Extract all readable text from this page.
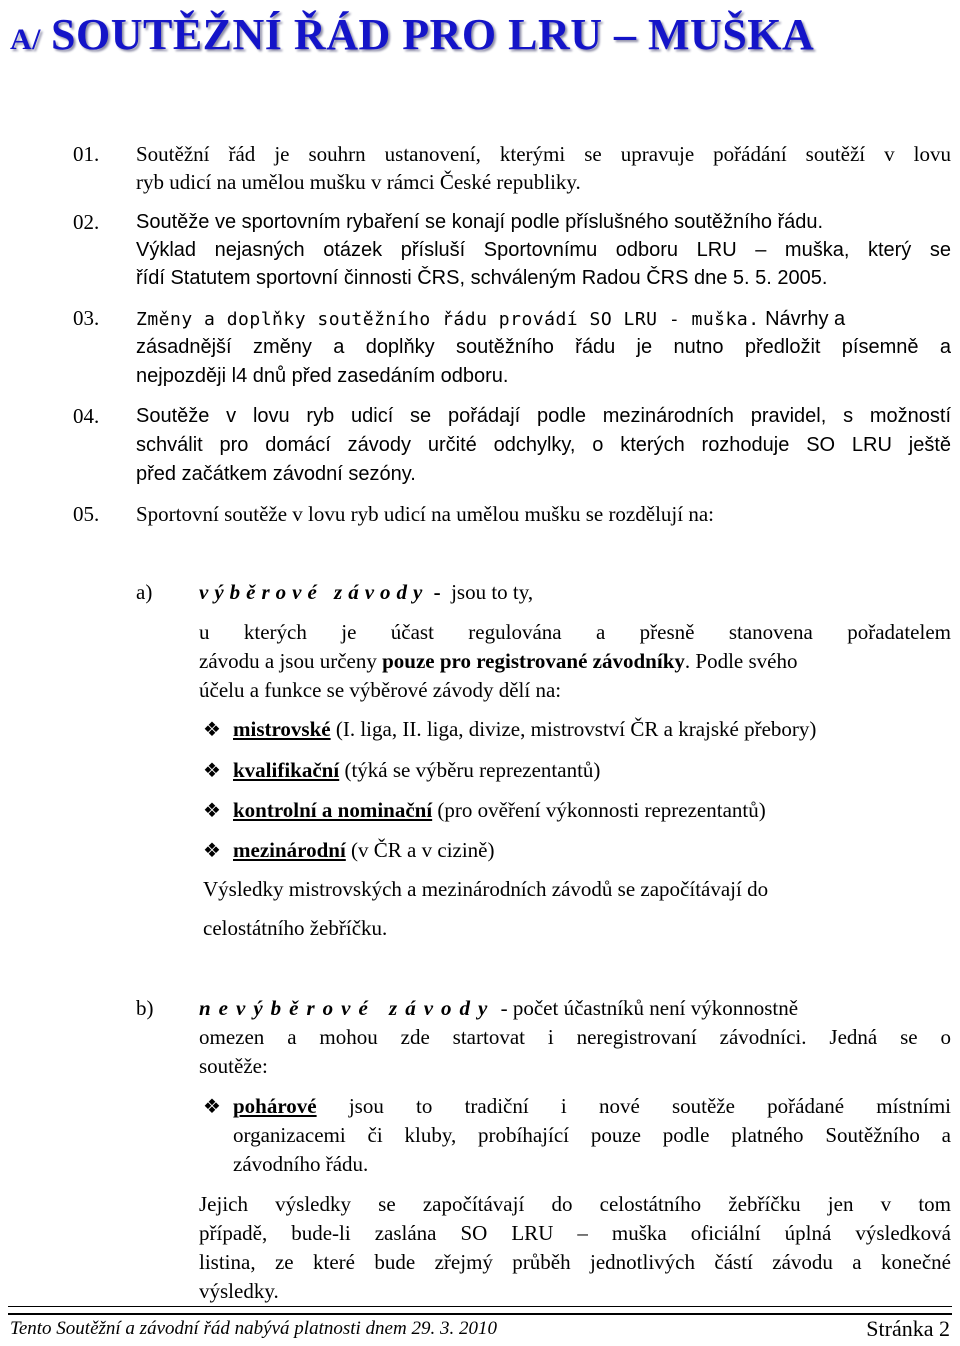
A/ SOUTĚŽNÍ ŘÁD PRO LRU – MUŠKA
01. Soutěžní řád je souhrn ustanovení, kterými se upravuje pořádání soutěží v lovu
ryb udicí na umělou mušku v rámci České republiky.
02. Soutěže ve sportovním rybaření se konají podle příslušného soutěžního řádu.
Výklad nejasných otázek přísluší Sportovnímu odboru LRU – muška, který se
řídí Statutem sportovní činnosti ČRS, schváleným Radou ČRS dne 5. 5. 2005.
03. Změny a doplňky soutěžního řádu provádí SO LRU - muška. Návrhy a
zásadnější změny a doplňky soutěžního řádu je nutno předložit písemně a
nejpozději l4 dnů před zasedáním odboru.
04. Soutěže v lovu ryb udicí se pořádají podle mezinárodních pravidel, s možností
schválit pro domácí závody určité odchylky, o kterých rozhoduje SO LRU ještě
před začátkem závodní sezóny.
05. Sportovní soutěže v lovu ryb udicí na umělou mušku se rozdělují na:
a) výběrové závody -  jsou to ty,
u kterých je účast regulována a přesně stanovena pořadatelem
závodu a jsou určeny pouze pro registrované závodníky. Podle svého
účelu a funkce se výběrové závody dělí na:
❖ mistrovské (I. liga, II. liga, divize, mistrovství ČR a krajské přebory)
❖ kvalifikační (týká se výběru reprezentantů)
❖ kontrolní a nominační (pro ověření výkonnosti reprezentantů)
❖ mezinárodní (v ČR a v cizině)
Výsledky mistrovských a mezinárodních závodů se započítávají do
celostátního žebříčku.
b) nevýběrové závody - počet účastníků není výkonnostně
omezen a mohou zde startovat i neregistrovaní závodníci. Jedná se o
soutěže:
❖ pohárové jsou to tradiční i nové soutěže pořádané místními
organizacemi či kluby, probíhající pouze podle platného Soutěžního a
závodního řádu.
Jejich výsledky se započítávají do celostátního žebříčku jen v tom
případě, bude-li zaslána SO LRU – muška oficiální úplná výsledková
listina, ze které bude zřejmý průběh jednotlivých částí závodu a konečné
výsledky.
Tento Soutěžní a závodní řád nabývá platnosti dnem 29. 3. 2010	Stránka 2
